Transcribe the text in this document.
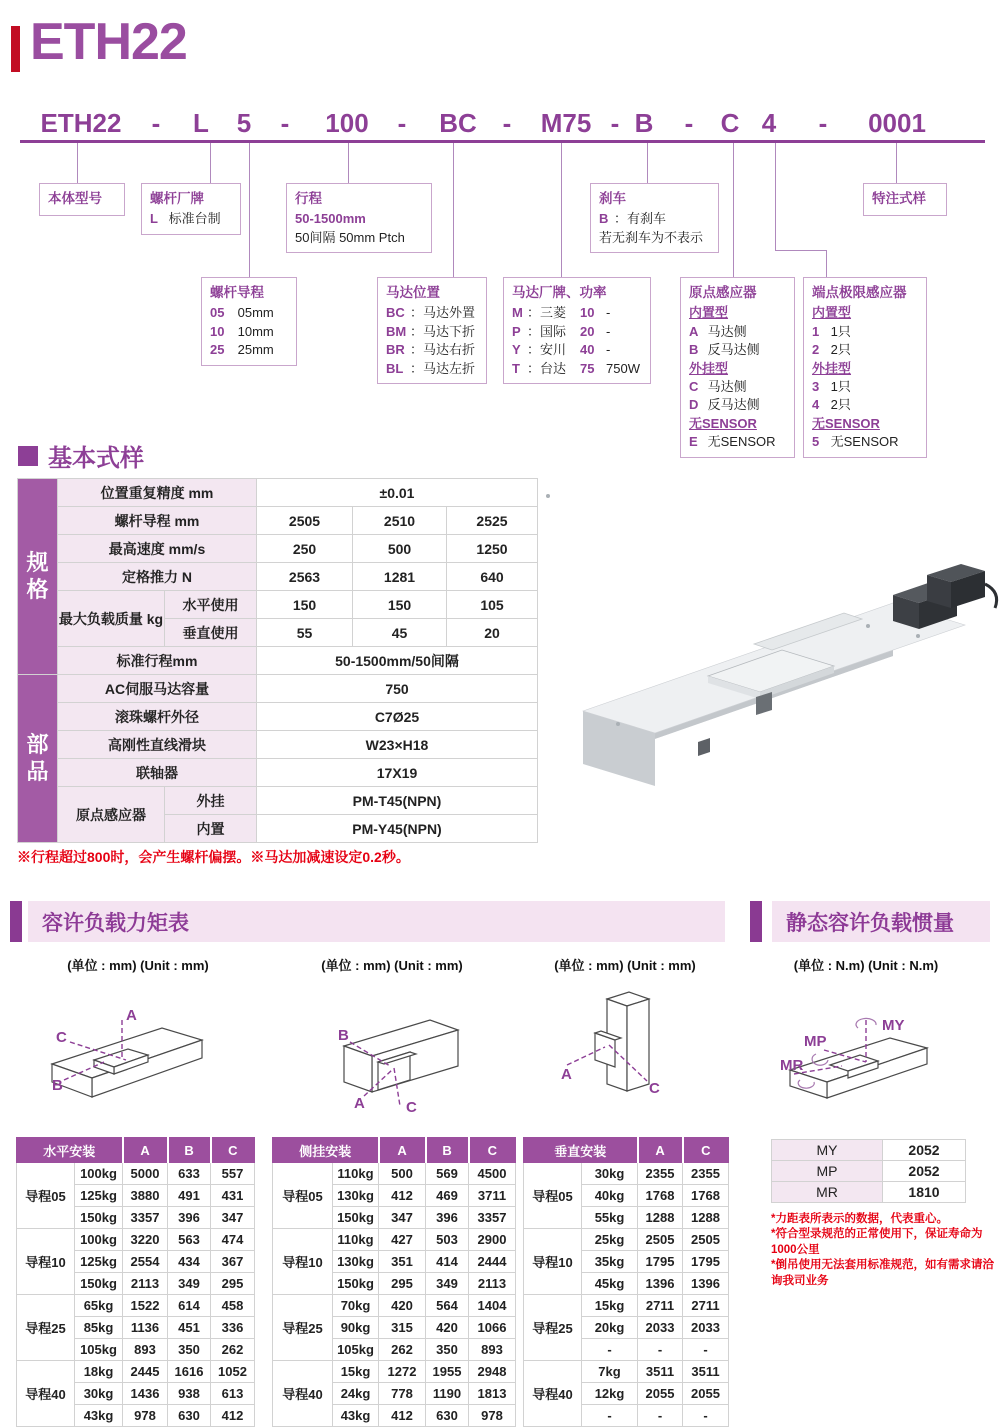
ETH22
ETH22 - L 5 - 100 - BC - M75 - B - C 4 - 0001
本体型号	螺杆厂牌
L 标准台制
行程
50-1500mm
50间隔 50mm Ptch
刹车
B ：有刹车
若无刹车为不表示
特注式样
螺杆导程
05 05mm
10 10mm
25 25mm
马达位置
BC ：马达外置
BM ：马达下折
BR ：马达右折
BL ：马达左折
马达厂牌、功率
M ：三菱 10 -
P ：国际 20 -
Y ：安川 40 -
T ：台达 75 750W
原点感应器
内置型
A 马达侧
B 反马达侧
外挂型
C 马达侧
D 反马达侧
无SENSOR
E 无SENSOR
端点极限感应器
内置型
1 1只
2 2只
外挂型
3 1只
4 2只
无SENSOR
5 无SENSOR
基本式样
规
格	位置重复精度 mm		±0.01		
	螺杆导程 mm		2505	2510	2525
	最高速度 mm/s		250	500	1250
	定格推力 N		2563	1281	640
	最大负载质量 kg	水平使用	150	150	105
		垂直使用	55	45	20
	标准行程mm		50-1500mm/50间隔		

部
品	AC伺服马达容量		750		
	滚珠螺杆外径		C7Ø25		
	高刚性直线滑块		W23×H18		
	联轴器		17X19		
	原点感应器	外挂	PM-T45(NPN)		
		内置	PM-Y45(NPN)		
※行程超过800时，会产生螺杆偏摆。※马达加减速设定0.2秒。
容许负载力矩表	静态容许负载惯量
(单位 : mm) (Unit : mm)	(单位 : mm) (Unit : mm)	(单位 : mm) (Unit : mm)	(单位 : N.m) (Unit : N.m)
A
C
B
B
A	C
A
C
MP
MY
MR
水平安装		A	B	C
导程05	100kg	5000	633	557
	125kg	3880	491	431
	150kg	3357	396	347
导程10	100kg	3220	563	474
	125kg	2554	434	367
	150kg	2113	349	295
导程25	65kg	1522	614	458
	85kg	1136	451	336
	105kg	893	350	262
导程40	18kg	2445	1616	1052
	30kg	1436	938	613
	43kg	978	630	412
侧挂安装		A	B	C
导程05	110kg	500	569	4500
	130kg	412	469	3711
	150kg	347	396	3357
导程10	110kg	427	503	2900
	130kg	351	414	2444
	150kg	295	349	2113
导程25	70kg	420	564	1404
	90kg	315	420	1066
	105kg	262	350	893
导程40	15kg	1272	1955	2948
	24kg	778	1190	1813
	43kg	412	630	978
垂直安装		A	C
导程05	30kg	2355	2355
	40kg	1768	1768
	55kg	1288	1288
导程10	25kg	2505	2505
	35kg	1795	1795
	45kg	1396	1396
导程25	15kg	2711	2711
	20kg	2033	2033
	-	-	-
导程40	7kg	3511	3511
	12kg	2055	2055
	-	-	-
MY	2052
MP	2052
MR	1810
*力距表所表示的数据，代表重心。
*符合型录规范的正常使用下，保证寿命为1000公里
*倒吊使用无法套用标准规范，如有需求请洽询我司业务
